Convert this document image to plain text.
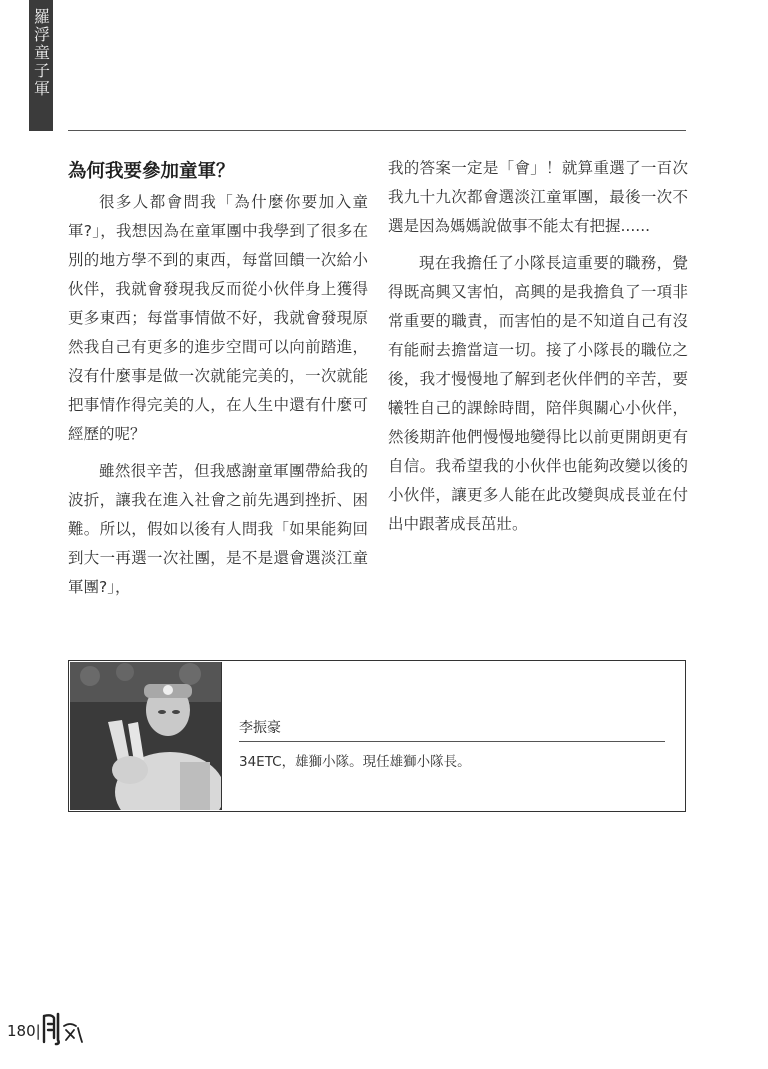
羅浮童子軍
為何我要參加童軍？

很多人都會問我「為什麼你要加入童軍?」，我想因為在童軍團中我學到了很多在別的地方學不到的東西，每當回饋一次給小伙伴，我就會發現我反而從小伙伴身上獲得更多東西；每當事情做不好，我就會發現原然我自己有更多的進步空間可以向前踏進，沒有什麼事是做一次就能完美的，一次就能把事情作得完美的人，在人生中還有什麼可經歷的呢？

雖然很辛苦，但我感謝童軍團帶給我的波折，讓我在進入社會之前先遇到挫折、困難。所以，假如以後有人問我「如果能夠回到大一再選一次社團，是不是還會選淡江童軍團?」，

我的答案一定是「會」！就算重選了一百次我九十九次都會選淡江童軍團，最後一次不選是因為媽媽說做事不能太有把握......

現在我擔任了小隊長這重要的職務，覺得既高興又害怕，高興的是我擔負了一項非常重要的職責，而害怕的是不知道自己有沒有能耐去擔當這一切。接了小隊長的職位之後，我才慢慢地了解到老伙伴們的辛苦，要犧牲自己的課餘時間，陪伴與關心小伙伴，然後期許他們慢慢地變得比以前更開朗更有自信。我希望我的小伙伴也能夠改變以後的小伙伴，讓更多人能在此改變與成長並在付出中跟著成長茁壯。

李振豪
34ETC，雄獅小隊。現任雄獅小隊長。
180|
